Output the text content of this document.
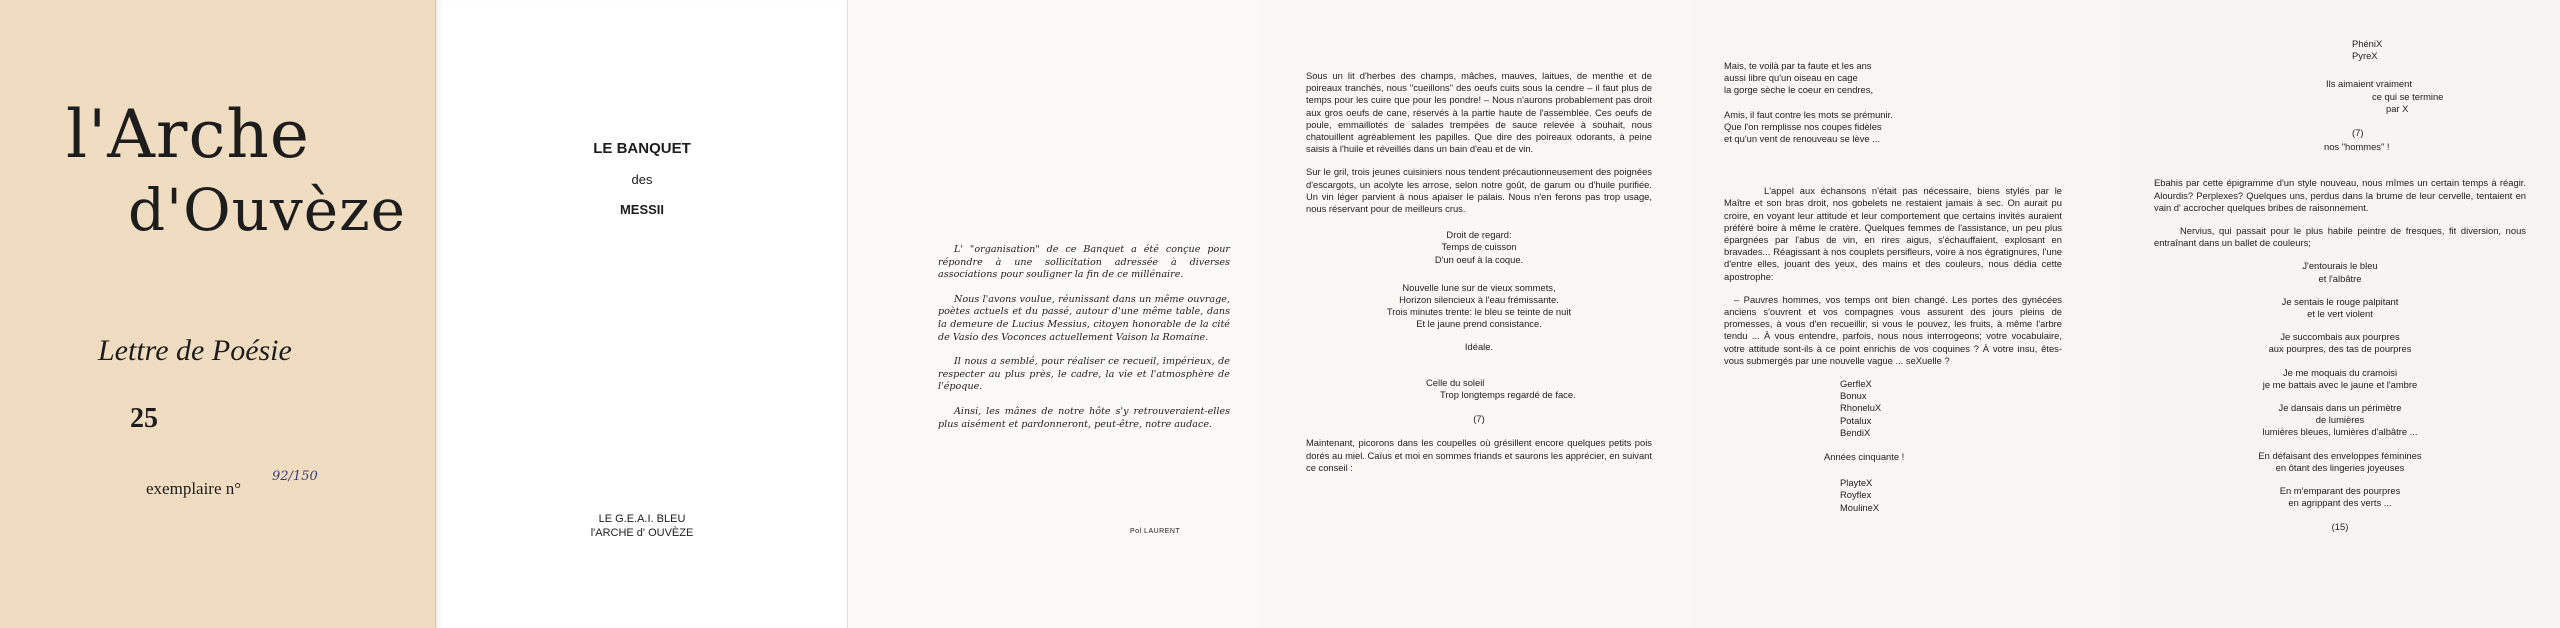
l'Arche
d'Ouvèze
Lettre de Poésie
25
exemplaire n°
92/150
LE BANQUET
des
MESSII
LE G.E.A.I. BLEU
l'ARCHE d' OUVÈZE

L' "organisation" de ce Banquet a été conçue pour répondre à une sollicitation adressée à diverses associations pour souligner la fin de ce millénaire.

Nous l'avons voulue, réunissant dans un même ouvrage, poètes actuels et du passé, autour d'une même table, dans la demeure de Lucius Messius, citoyen honorable de la cité de Vasio des Voconces actuellement Vaison la Romaine.

Il nous a semblé, pour réaliser ce recueil, impérieux, de respecter au plus près, le cadre, la vie et l'atmosphère de l'époque.

Ainsi, les mânes de notre hôte s'y retrouveraient-elles plus aisément et pardonneront, peut-être, notre audace.

Pol LAURENT

Sous un lit d'herbes des champs, mâches, mauves, laitues, de menthe et de poireaux tranchés, nous "cueillons" des oeufs cuits sous la cendre – il faut plus de temps pour les cuire que pour les pondre! – Nous n'aurons probablement pas droit aux gros oeufs de cane, réservés à la partie haute de l'assemblée. Ces oeufs de poule, emmaillotés de salades trempées de sauce relevée à souhait, nous chatouillent agréablement les papilles. Que dire des poireaux odorants, à peine saisis à l'huile et réveillés dans un bain d'eau et de vin.

Sur le gril, trois jeunes cuisiniers nous tendent précautionneusement des poignées d'escargots, un acolyte les arrose, selon notre goût, de garum ou d'huile purifiée. Un vin léger parvient à nous apaiser le palais. Nous n'en ferons pas trop usage, nous réservant pour de meilleurs crus.

Droit de regard:
Temps de cuisson
D'un oeuf à la coque.
Nouvelle lune sur de vieux sommets,
Horizon silencieux à l'eau frémissante.
Trois minutes trente: le bleu se teinte de nuit
Et le jaune prend consistance.
Idéale.
Celle du soleil
Trop longtemps regardé de face.
(7)

Maintenant, picorons dans les coupelles où grésillent encore quelques petits pois dorés au miel. Caïus et moi en sommes friands et saurons les apprécier, en suivant ce conseil :

Mais, te voilà par ta faute et les ans
aussi libre qu'un oiseau en cage
la gorge sèche le coeur en cendres,
Amis, il faut contre les mots se prémunir.
Que l'on remplisse nos coupes fidèles
et qu'un vent de renouveau se lève ...

L'appel aux échansons n'était pas nécessaire, biens stylés par le Maître et son bras droit, nos gobelets ne restaient jamais à sec. On aurait pu croire, en voyant leur attitude et leur comportement que certains invités auraient préféré boire à même le cratère. Quelques femmes de l'assistance, un peu plus épargnées par l'abus de vin, en rires aigus, s'échauffaient, explosant en bravades... Réagissant à nos couplets persifleurs, voire à nos égratignures, l'une d'entre elles, jouant des yeux, des mains et des couleurs, nous dédia cette apostrophe:

– Pauvres hommes, vos temps ont bien changé. Les portes des gynécées anciens s'ouvrent et vos compagnes vous assurent des jours pleins de promesses, à vous d'en recueillir, si vous le pouvez, les fruits, à même l'arbre tendu ... À vous entendre, parfois, nous nous interrogeons; votre vocabulaire, votre attitude sont-ils à ce point enrichis de vos coquines ? À votre insu, êtes-vous submergés par une nouvelle vague ... seXuelle ?

GerfleX
Bonux
RhoneluX
Potalux
BendiX
Années cinquante !
PlayteX
Royflex
MoulineX
PhéniX
PyreX
Ils aimaient vraiment
ce qui se termine
par X
(7)
nos "hommes" !

Ebahis par cette épigramme d'un style nouveau, nous mîmes un certain temps à réagir. Alourdis? Perplexes? Quelques uns, perdus dans la brume de leur cervelle, tentaient en vain d' accrocher quelques bribes de raisonnement.

Nervius, qui passait pour le plus habile peintre de fresques, fit diversion, nous entraînant dans un ballet de couleurs;

J'entourais le bleu
et l'albâtre
Je sentais le rouge palpitant
et le vert violent
Je succombais aux pourpres
aux pourpres, des tas de pourpres
Je me moquais du cramoisi
je me battais avec le jaune et l'ambre
Je dansais dans un périmètre
de lumières
lumières bleues, lumières d'albâtre ...
En défaisant des enveloppes féminines
en ôtant des lingeries joyeuses
En m'emparant des pourpres
en agrippant des verts ...
(15)
